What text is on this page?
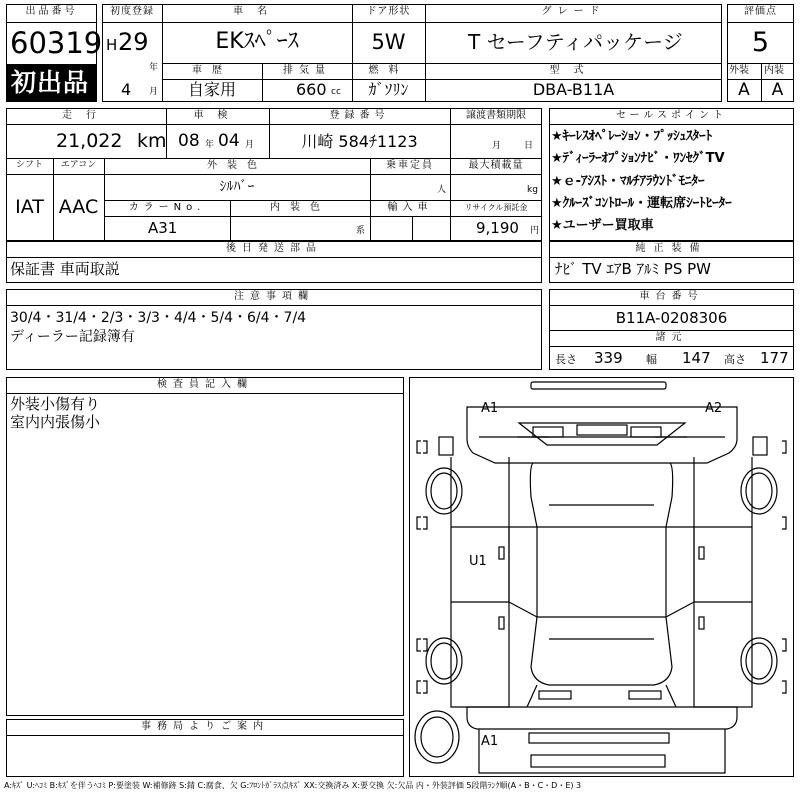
出品番号
60319
初出品
初度登録
H 29
年
4 月
車名
EKｽﾍﾟｰｽ
ドア形状
5W
グレード
T セーフティパッケージ
車歴
自家用
排気量
660 cc
燃料
ｶﾞｿﾘﾝ
型式
DBA-B11A
評価点
5
外装 内装
A	A
走行
21,022 km
車検
08 年 04 月
登録番号
川崎 584ﾁ1123
譲渡書類期限
月	日
シフト
IAT
エアコン
AAC
外装色
ｼﾙﾊﾞｰ
乗車定員
人
最大積載量
kg
カラーNo.
A31
内装色
系
輸入車	リサイクル預託金
9,190 円
セールスポイント
★ｷｰﾚｽｵﾍﾟﾚｰｼｮﾝ・ﾌﾟｯｼｭｽﾀｰﾄ
★ﾃﾞｨｰﾗｰｵﾌﾟｼｮﾝﾅﾋﾞ・ﾜﾝｾｸﾞTV
★ｅ-ｱｼｽﾄ・ﾏﾙﾁｱﾗｳﾝﾄﾞﾓﾆﾀｰ
★ｸﾙｰｽﾞｺﾝﾄﾛｰﾙ・運転席ｼｰﾄﾋｰﾀｰ
★ユーザー買取車
後日発送部品
保証書 車両取説
純正装備
ﾅﾋﾞ TV ｴｱB ｱﾙﾐ PS PW
注意事項欄
30/4・31/4・2/3・3/3・4/4・5/4・6/4・7/4
ディーラー記録簿有
車台番号
B11A-0208306
諸元
長さ 339 幅 147 高さ 177
検査員記入欄
外装小傷有り
室内内張傷小
事務局よりご案内
A1	A2
U1
A1
A:ｷｽﾞ U:ﾍｺﾐ B:ｷｽﾞを伴うﾍｺﾐ P:要塗装 W:補修跡 S:錆 C:腐食、欠 G:ﾌﾛﾝﾄｶﾞﾗｽ点ｷｽﾞ XX:交換済み X:要交換 欠:欠品 内・外装評価 5段階ﾗﾝｸ順(A・B・C・D・E) 3
